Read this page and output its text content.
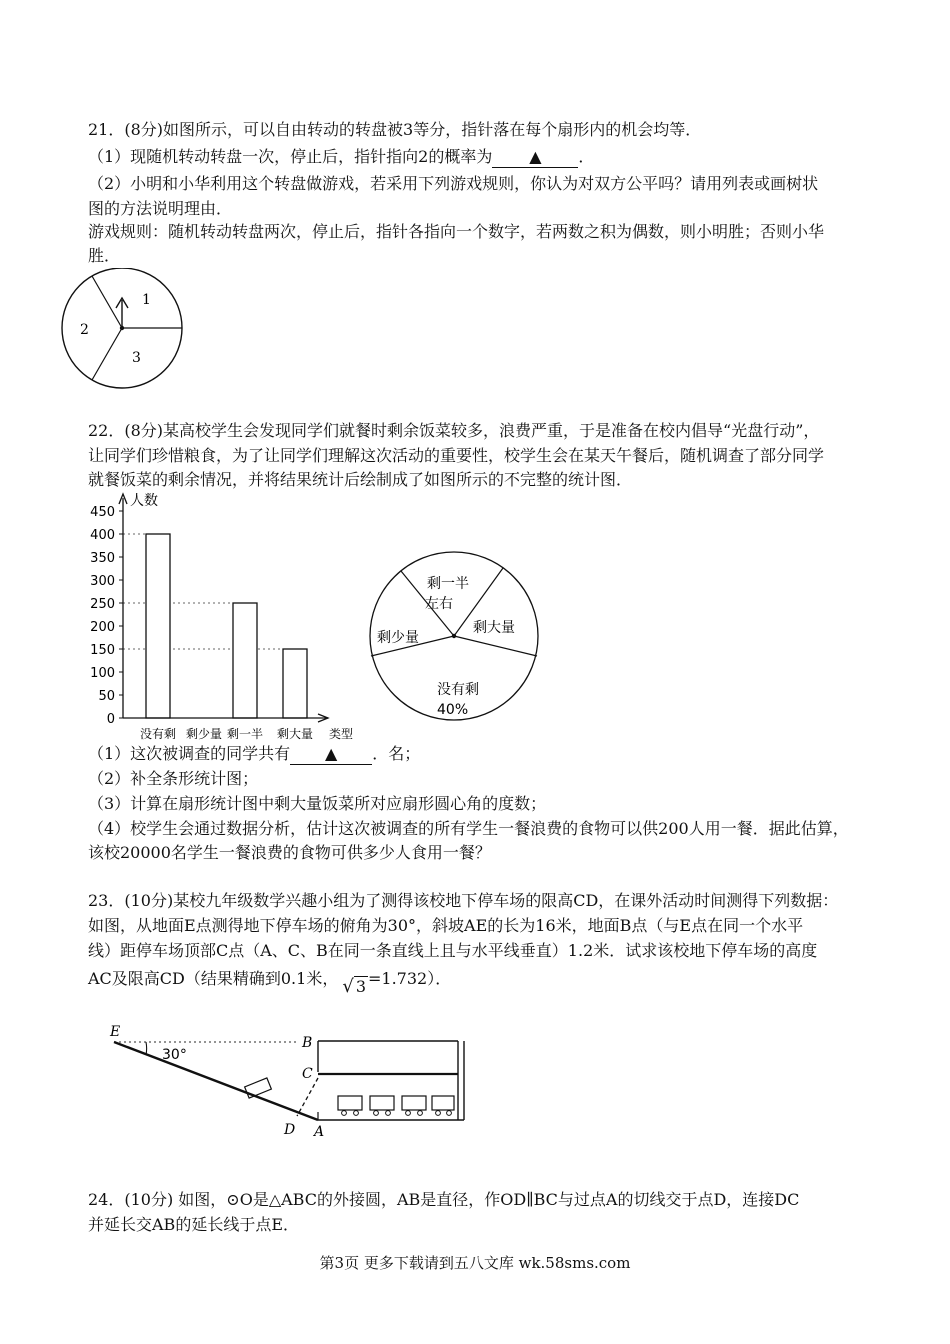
21．(8分)如图所示，可以自由转动的转盘被3等分，指针落在每个扇形内的机会均等．
（1）现随机转动转盘一次，停止后，指针指向2的概率为 ▲ ．
（2）小明和小华利用这个转盘做游戏，若采用下列游戏规则，你认为对双方公平吗？请用列表或画树状
图的方法说明理由．
游戏规则：随机转动转盘两次，停止后，指针各指向一个数字，若两数之积为偶数，则小明胜；否则小华
胜．
1
2
3
22．(8分)某高校学生会发现同学们就餐时剩余饭菜较多，浪费严重，于是准备在校内倡导“光盘行动”，
让同学们珍惜粮食，为了让同学们理解这次活动的重要性，校学生会在某天午餐后，随机调查了部分同学
就餐饭菜的剩余情况，并将结果统计后绘制成了如图所示的不完整的统计图．
0
50
100
150
200
250
300
350
400
450
没有剩 剩少量 剩一半 剩大量
人数
类型
剩一半
左右
剩大量
剩少量
没有剩
40%
（1）这次被调查的同学共有 ▲ ．名；
（2）补全条形统计图；
（3）计算在扇形统计图中剩大量饭菜所对应扇形圆心角的度数；
（4）校学生会通过数据分析，估计这次被调查的所有学生一餐浪费的食物可以供200人用一餐．据此估算，
该校20000名学生一餐浪费的食物可供多少人食用一餐？
23．(10分)某校九年级数学兴趣小组为了测得该校地下停车场的限高CD，在课外活动时间测得下列数据：
如图，从地面E点测得地下停车场的俯角为30°，斜坡AE的长为16米，地面B点（与E点在同一个水平
线）距停车场顶部C点（A、C、B在同一条直线上且与水平线垂直）1.2米．试求该校地下停车场的高度
AC及限高CD（结果精确到0.1米， √ 3 =1.732）．
30°
E
B
C
D A
24．(10分) 如图，⊙O是△ABC的外接圆，AB是直径，作OD∥BC与过点A的切线交于点D，连接DC
并延长交AB的延长线于点E．
第3页 更多下载请到五八文库 wk.58sms.com
